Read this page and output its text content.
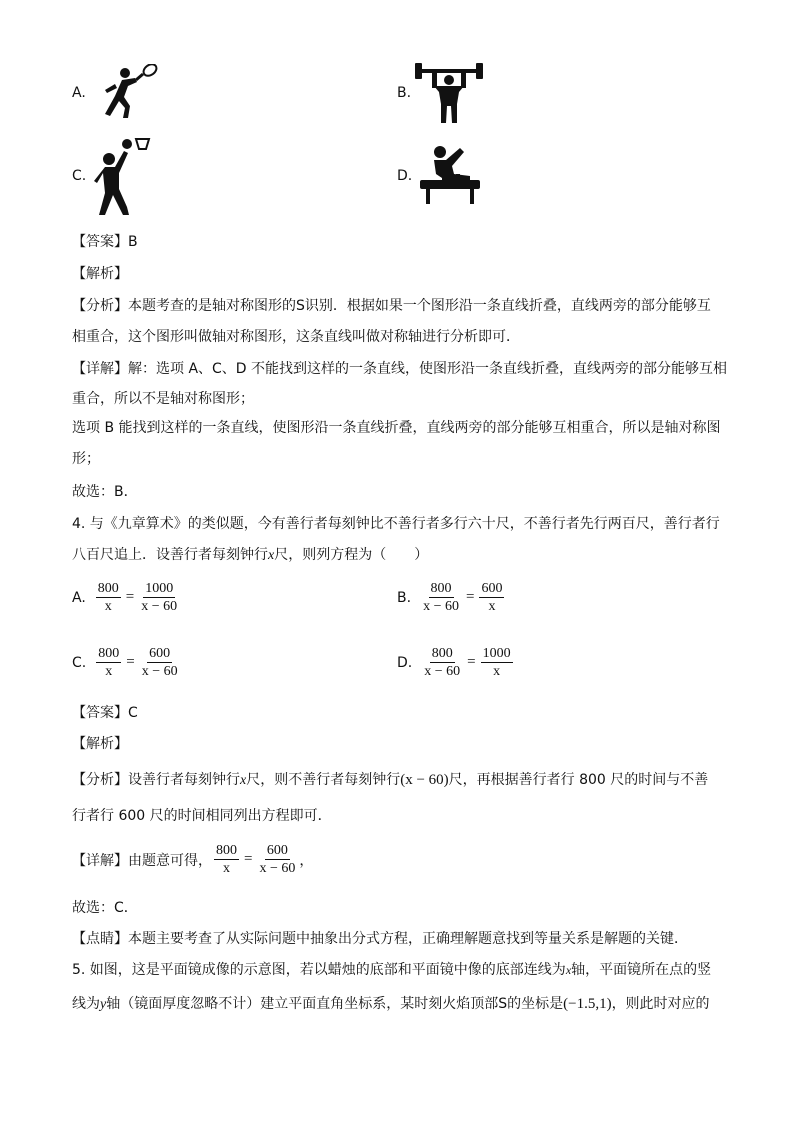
A.	B.
C.	D.
【答案】B
【解析】
【分析】本题考查的是轴对称图形的S识别．根据如果一个图形沿一条直线折叠，直线两旁的部分能够互
相重合，这个图形叫做轴对称图形，这条直线叫做对称轴进行分析即可．
【详解】解：选项 A、C、D 不能找到这样的一条直线，使图形沿一条直线折叠，直线两旁的部分能够互相
重合，所以不是轴对称图形；
选项 B 能找到这样的一条直线，使图形沿一条直线折叠，直线两旁的部分能够互相重合，所以是轴对称图
形；
故选：B．
4. 与《九章算术》的类似题，今有善行者每刻钟比不善行者多行六十尺，不善行者先行两百尺，善行者行
八百尺追上．设善行者每刻钟行x尺，则列方程为（　　）
A. $\frac{800}{x} = \frac{1000}{x - 60}$	B. $\frac{800}{x - 60} = \frac{600}{x}$
C. $\frac{800}{x} = \frac{600}{x - 60}$	D. $\frac{800}{x - 60} = \frac{1000}{x}$
【答案】C
【解析】
【分析】设善行者每刻钟行x尺，则不善行者每刻钟行(x − 60)尺，再根据善行者行 800 尺的时间与不善
行者行 600 尺的时间相同列出方程即可．
【详解】由题意可得， $\frac{800}{x} = \frac{600}{x - 60}$ ，
故选：C．
【点睛】本题主要考查了从实际问题中抽象出分式方程，正确理解题意找到等量关系是解题的关键．
5. 如图，这是平面镜成像的示意图，若以蜡烛的底部和平面镜中像的底部连线为x轴，平面镜所在点的竖
线为y轴（镜面厚度忽略不计）建立平面直角坐标系，某时刻火焰顶部S的坐标是(−1.5,1)，则此时对应的
